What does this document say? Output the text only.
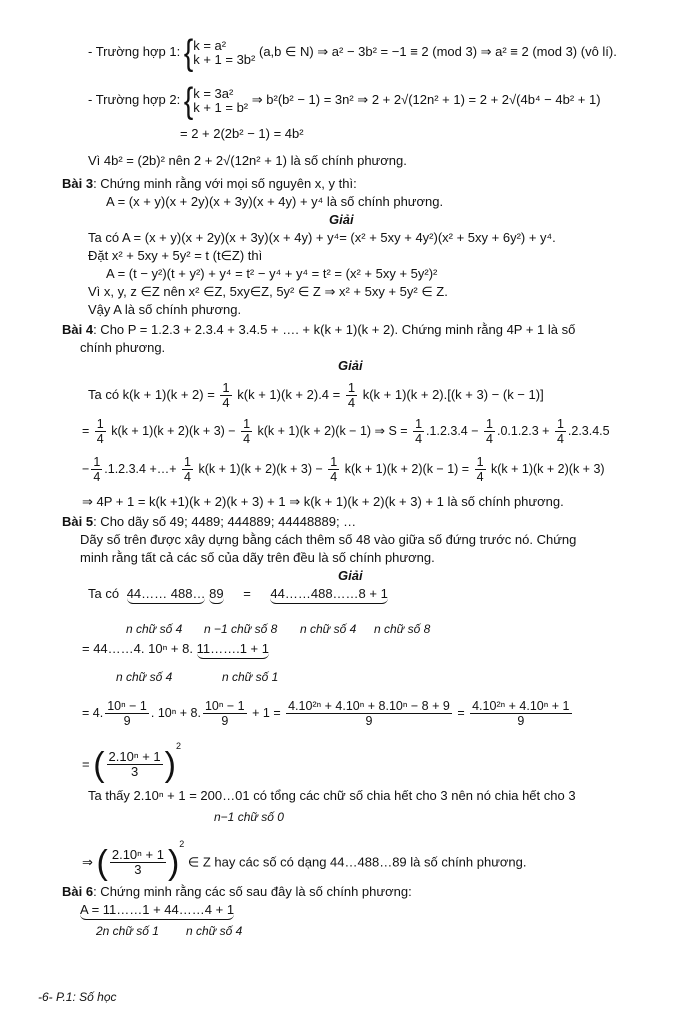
- Trường hợp 1: {k = a²
k + 1 = 3b² (a,b ∈ N) ⇒ a² − 3b² = −1 ≡ 2 (mod 3) ⇒ a² ≡ 2 (mod 3) (vô lí).
- Trường hợp 2: {k = 3a²
k + 1 = b² ⇒ b²(b² − 1) = 3n² ⇒ 2 + 2√(12n² + 1) = 2 + 2√(4b⁴ − 4b² + 1)
= 2 + 2(2b² − 1) = 4b²
Vì 4b² = (2b)² nên 2 + 2√(12n² + 1) là số chính phương.
Bài 3: Chứng minh rằng với mọi số nguyên x, y thì:
A = (x + y)(x + 2y)(x + 3y)(x + 4y) + y⁴ là số chính phương.
Giải
Ta có A = (x + y)(x + 2y)(x + 3y)(x + 4y) + y⁴= (x² + 5xy + 4y²)(x² + 5xy + 6y²) + y⁴.
Đặt x² + 5xy + 5y² = t (t∈Z) thì
A = (t − y²)(t + y²) + y⁴ = t² − y⁴ + y⁴ = t² = (x² + 5xy + 5y²)²
Vì x, y, z ∈Z nên x² ∈Z, 5xy∈Z, 5y² ∈ Z ⇒ x² + 5xy + 5y² ∈ Z.
Vậy A là số chính phương.
Bài 4: Cho P = 1.2.3 + 2.3.4 + 3.4.5 + …. + k(k + 1)(k + 2). Chứng minh rằng 4P + 1 là số
chính phương.
Giải
Ta có $k(k + 1)(k + 2) = \frac{1}{4} k(k + 1)(k + 2).4 = \frac{1}{4} k(k + 1)(k + 2).[(k + 3) - (k - 1)]$
= $\frac{1}{4} k(k + 1)(k + 2)(k + 3) - \frac{1}{4} k(k + 1)(k + 2)(k - 1)$ ⇒ $S = \frac{1}{4} .1.2.3.4 - \frac{1}{4} .0.1.2.3 + \frac{1}{4} .2.3.4.5$
− $\frac{1}{4} .1.2.3.4$ +…+ $\frac{1}{4} k(k + 1)(k + 2)(k + 3) - \frac{1}{4} k(k + 1)(k + 2)(k - 1) = \frac{1}{4} k(k + 1)(k + 2)(k + 3)$
⇒ 4P + 1 = k(k +1)(k + 2)(k + 3) + 1 ⇒ k(k + 1)(k + 2)(k + 3) + 1 là số chính phương.
Bài 5: Cho dãy số 49; 4489; 444889; 44448889; …
Dãy số trên được xây dựng bằng cách thêm số 48 vào giữa số đứng trước nó. Chứng
minh rằng tất cả các số của dãy trên đều là số chính phương.
Giải
Ta có 44…… 488… 89 = 44……488……8 + 1
n chữ số 4 n −1 chữ số 8 n chữ số 4 n chữ số 8
= 44……4. 10ⁿ + 8. 11…….1 + 1
n chữ số 4	n chữ số 1
= 4. $\frac{\text{10ⁿ − 1}}{9}$ . 10ⁿ + 8. $\frac{\text{10ⁿ − 1}}{9} + 1 = \frac{\text{4.10²ⁿ + 4.10ⁿ + 8.10ⁿ − 8 + 9}}{9} = \frac{\text{4.10²ⁿ + 4.10ⁿ + 1}}{9}$
= ( $\frac{\text{2.10ⁿ + 1}}{3} )^2$
Ta thấy 2.10ⁿ + 1 = 200…01 có tổng các chữ số chia hết cho 3 nên nó chia hết cho 3
n−1 chữ số 0
⇒ ( $\frac{\text{2.10ⁿ + 1}}{3} )^2$ ∈ Z hay các số có dạng 44…488…89 là số chính phương.
Bài 6: Chứng minh rằng các số sau đây là số chính phương:
A = 11……1 + 44……4 + 1
2n chữ số 1 n chữ số 4
-6- P.1: Số học
